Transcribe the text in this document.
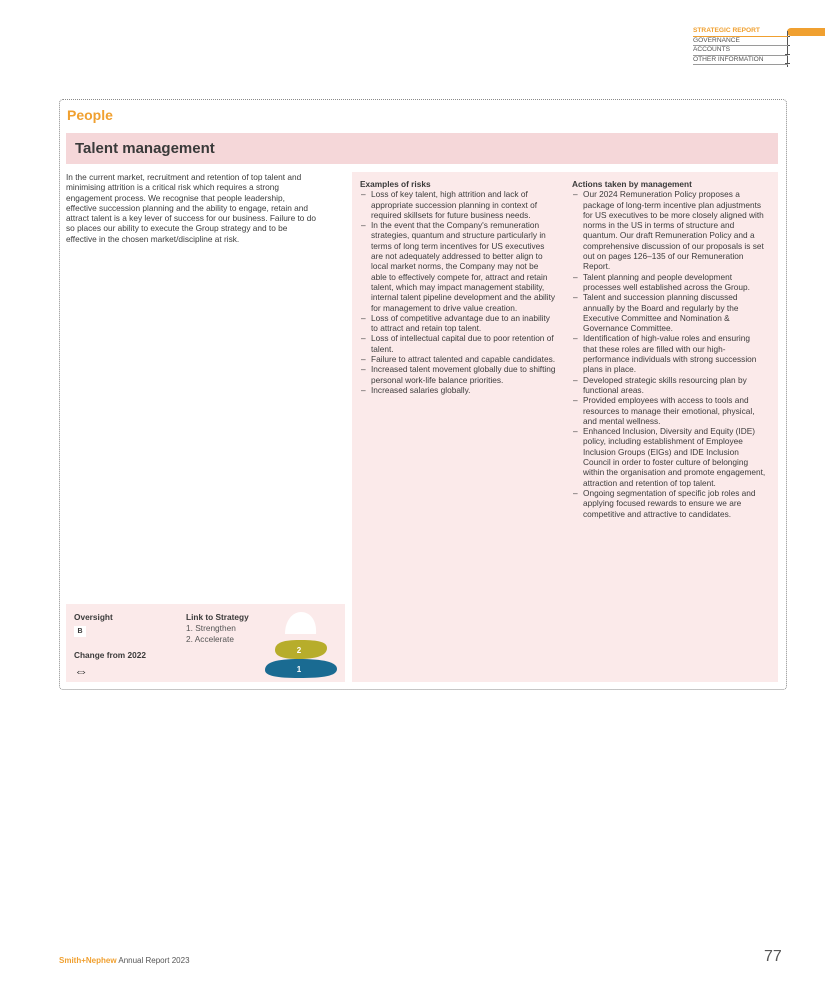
STRATEGIC REPORT
GOVERNANCE
ACCOUNTS
OTHER INFORMATION
People
Talent management

In the current market, recruitment and retention of top talent and minimising attrition is a critical risk which requires a strong engagement process. We recognise that people leadership, effective succession planning and the ability to engage, retain and attract talent is a key lever of success for our business. Failure to do so places our ability to execute the Group strategy and to be effective in the chosen market/discipline at risk.

Oversight
B
Change from 2022
⇔
Link to Strategy
1. Strengthen
2. Accelerate
2
1
Examples of risks
– Loss of key talent, high attrition and lack of appropriate succession planning in context of required skillsets for future business needs.
– In the event that the Company's remuneration strategies, quantum and structure particularly in terms of long term incentives for US executives are not adequately addressed to better align to local market norms, the Company may not be able to effectively compete for, attract and retain talent, which may impact management stability, internal talent pipeline development and the ability for management to drive value creation.
– Loss of competitive advantage due to an inability to attract and retain top talent.
– Loss of intellectual capital due to poor retention of talent.
– Failure to attract talented and capable candidates.
– Increased talent movement globally due to shifting personal work-life balance priorities.
– Increased salaries globally.
Actions taken by management
– Our 2024 Remuneration Policy proposes a package of long-term incentive plan adjustments for US executives to be more closely aligned with norms in the US in terms of structure and quantum. Our draft Remuneration Policy and a comprehensive discussion of our proposals is set out on pages 126–135 of our Remuneration Report.
– Talent planning and people development processes well established across the Group.
– Talent and succession planning discussed annually by the Board and regularly by the Executive Committee and Nomination & Governance Committee.
– Identification of high-value roles and ensuring that these roles are filled with our high-performance individuals with strong succession plans in place.
– Developed strategic skills resourcing plan by functional areas.
– Provided employees with access to tools and resources to manage their emotional, physical, and mental wellness.
– Enhanced Inclusion, Diversity and Equity (IDE) policy, including establishment of Employee Inclusion Groups (EIGs) and IDE Inclusion Council in order to foster culture of belonging within the organisation and promote engagement, attraction and retention of top talent.
– Ongoing segmentation of specific job roles and applying focused rewards to ensure we are competitive and attractive to candidates.
Smith+Nephew Annual Report 2023	77
